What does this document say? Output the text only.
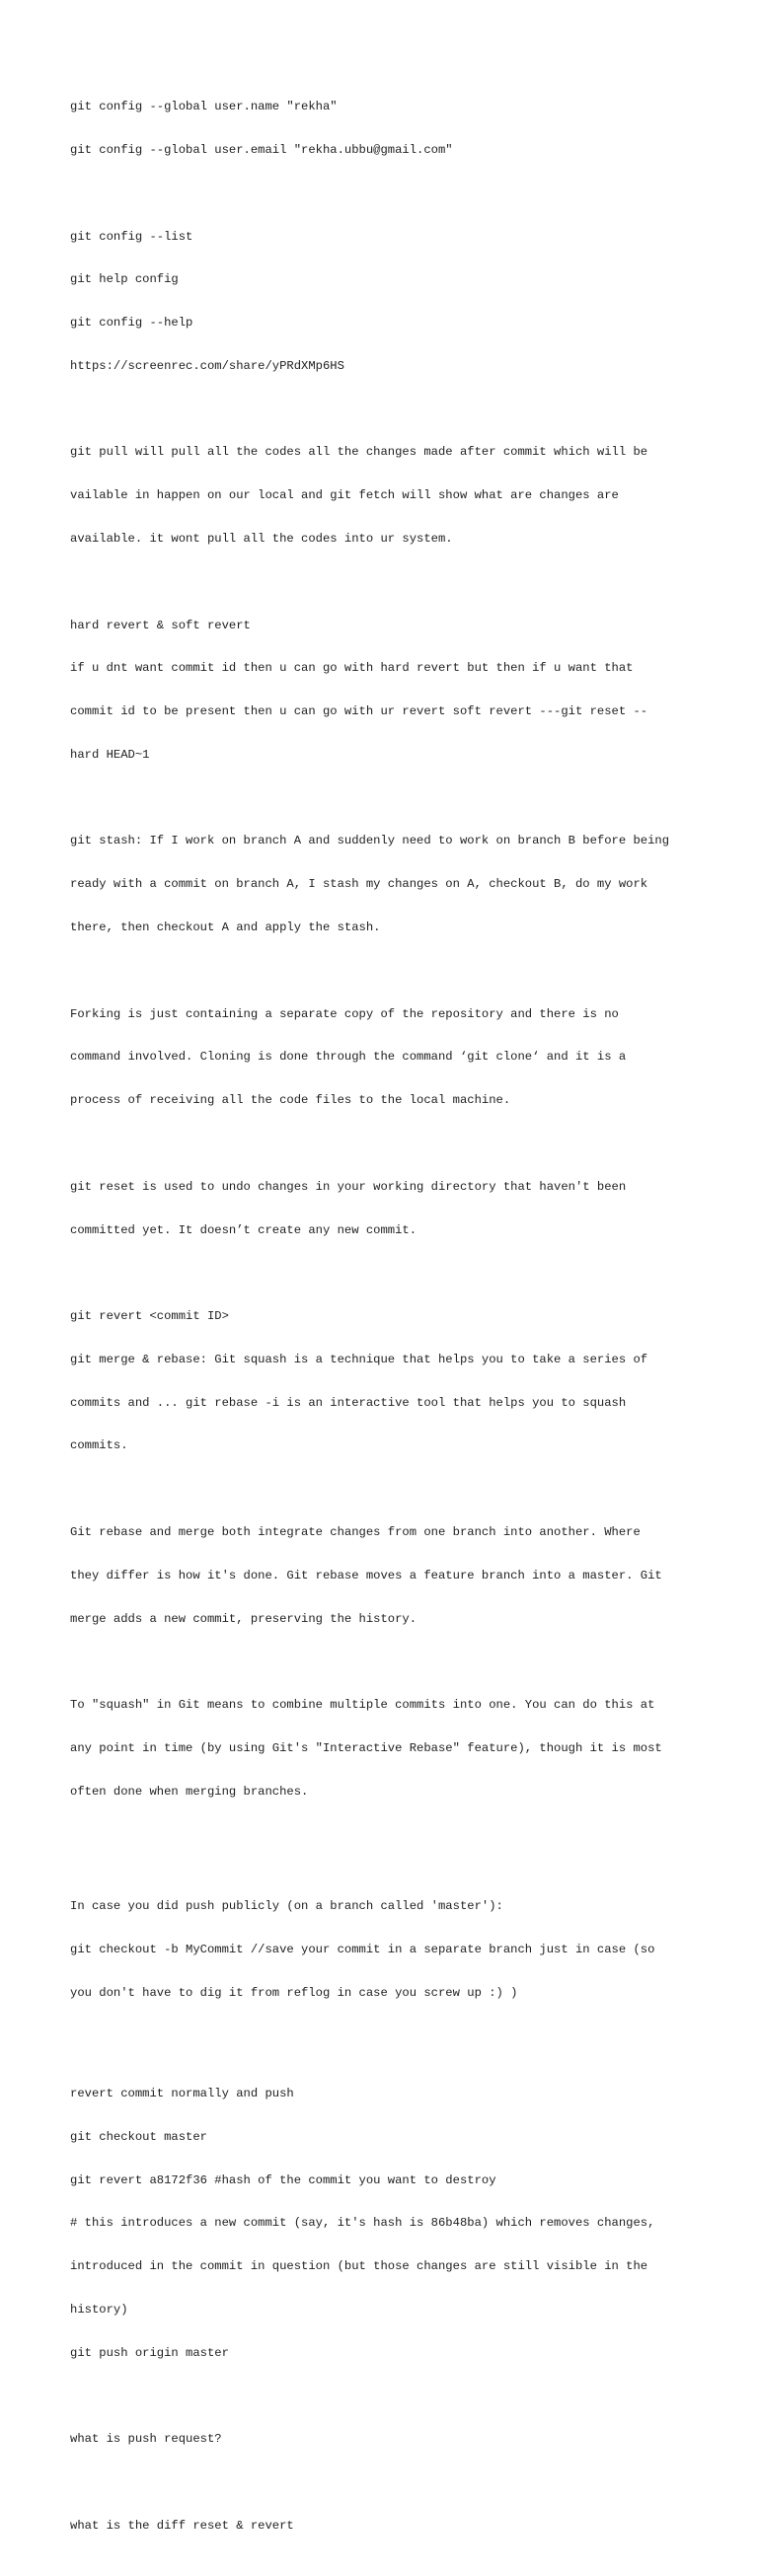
git config --global user.name "rekha"

git config --global user.email "rekha.ubbu@gmail.com"

git config --list

git help config

git config --help

https://screenrec.com/share/yPRdXMp6HS

git pull will pull all the codes all the changes made after commit which will be

vailable in happen on our local and git fetch will show what are changes are

available. it wont pull all the codes into ur system.

hard revert & soft revert

if u dnt want commit id then u can go with hard revert but then if u want that

commit id to be present then u can go with ur revert soft revert ---git reset --

hard HEAD~1

git stash: If I work on branch A and suddenly need to work on branch B before being

ready with a commit on branch A, I stash my changes on A, checkout B, do my work

there, then checkout A and apply the stash.

Forking is just containing a separate copy of the repository and there is no

command involved. Cloning is done through the command ‘git clone‘ and it is a

process of receiving all the code files to the local machine.

git reset is used to undo changes in your working directory that haven't been

committed yet. It doesn’t create any new commit.

git revert <commit ID>

git merge & rebase: Git squash is a technique that helps you to take a series of

commits and ... git rebase -i is an interactive tool that helps you to squash

commits.

Git rebase and merge both integrate changes from one branch into another. Where

they differ is how it's done. Git rebase moves a feature branch into a master. Git

merge adds a new commit, preserving the history.

To "squash" in Git means to combine multiple commits into one. You can do this at

any point in time (by using Git's "Interactive Rebase" feature), though it is most

often done when merging branches.

In case you did push publicly (on a branch called 'master'):

git checkout -b MyCommit //save your commit in a separate branch just in case (so

you don't have to dig it from reflog in case you screw up :) )

revert commit normally and push

git checkout master

git revert a8172f36 #hash of the commit you want to destroy

# this introduces a new commit (say, it's hash is 86b48ba) which removes changes,

introduced in the commit in question (but those changes are still visible in the

history)

git push origin master

what is push request?

what is the diff reset & revert
